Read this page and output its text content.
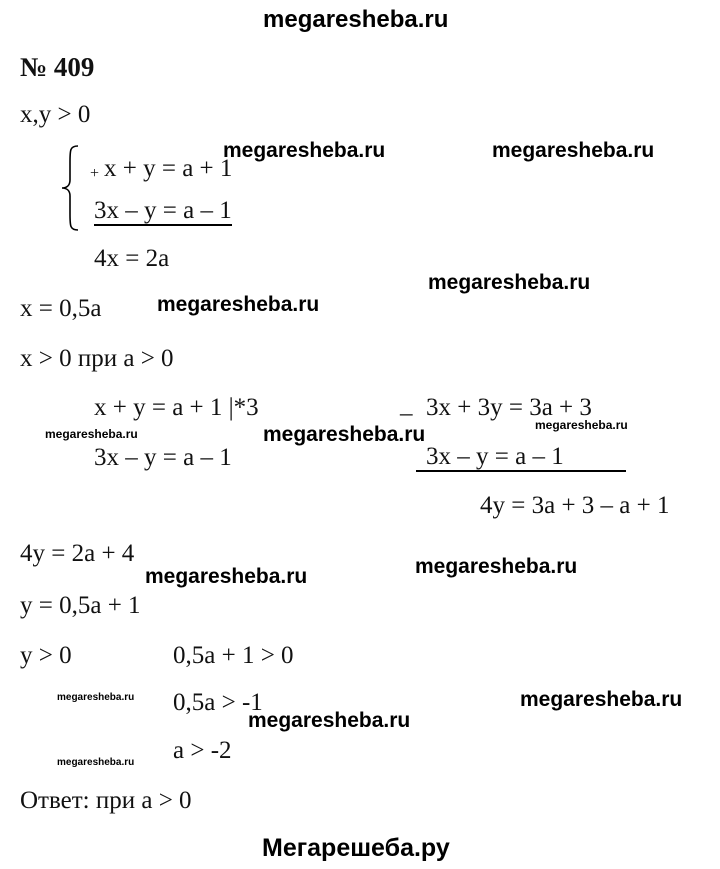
megaresheba.ru
№ 409
x,y > 0
+ x + y = a + 1
3x – y = a – 1
4x = 2a
x = 0,5a
x > 0 при a > 0
x + y = a + 1 |*3
3x – y = a – 1
_ 3x + 3y = 3a + 3
3x – y = a – 1
4y = 3a + 3 – a + 1
4y = 2a + 4
y = 0,5a + 1
y > 0	0,5a + 1 > 0
0,5a > -1
a > -2
Ответ: при a > 0
megaresheba.ru	megaresheba.ru
megaresheba.ru
megaresheba.ru
megaresheba.ru	megaresheba.ru	megaresheba.ru
megaresheba.ru	megaresheba.ru
megaresheba.ru	megaresheba.ru
megaresheba.ru
megaresheba.ru
Мегарешеба.ру
